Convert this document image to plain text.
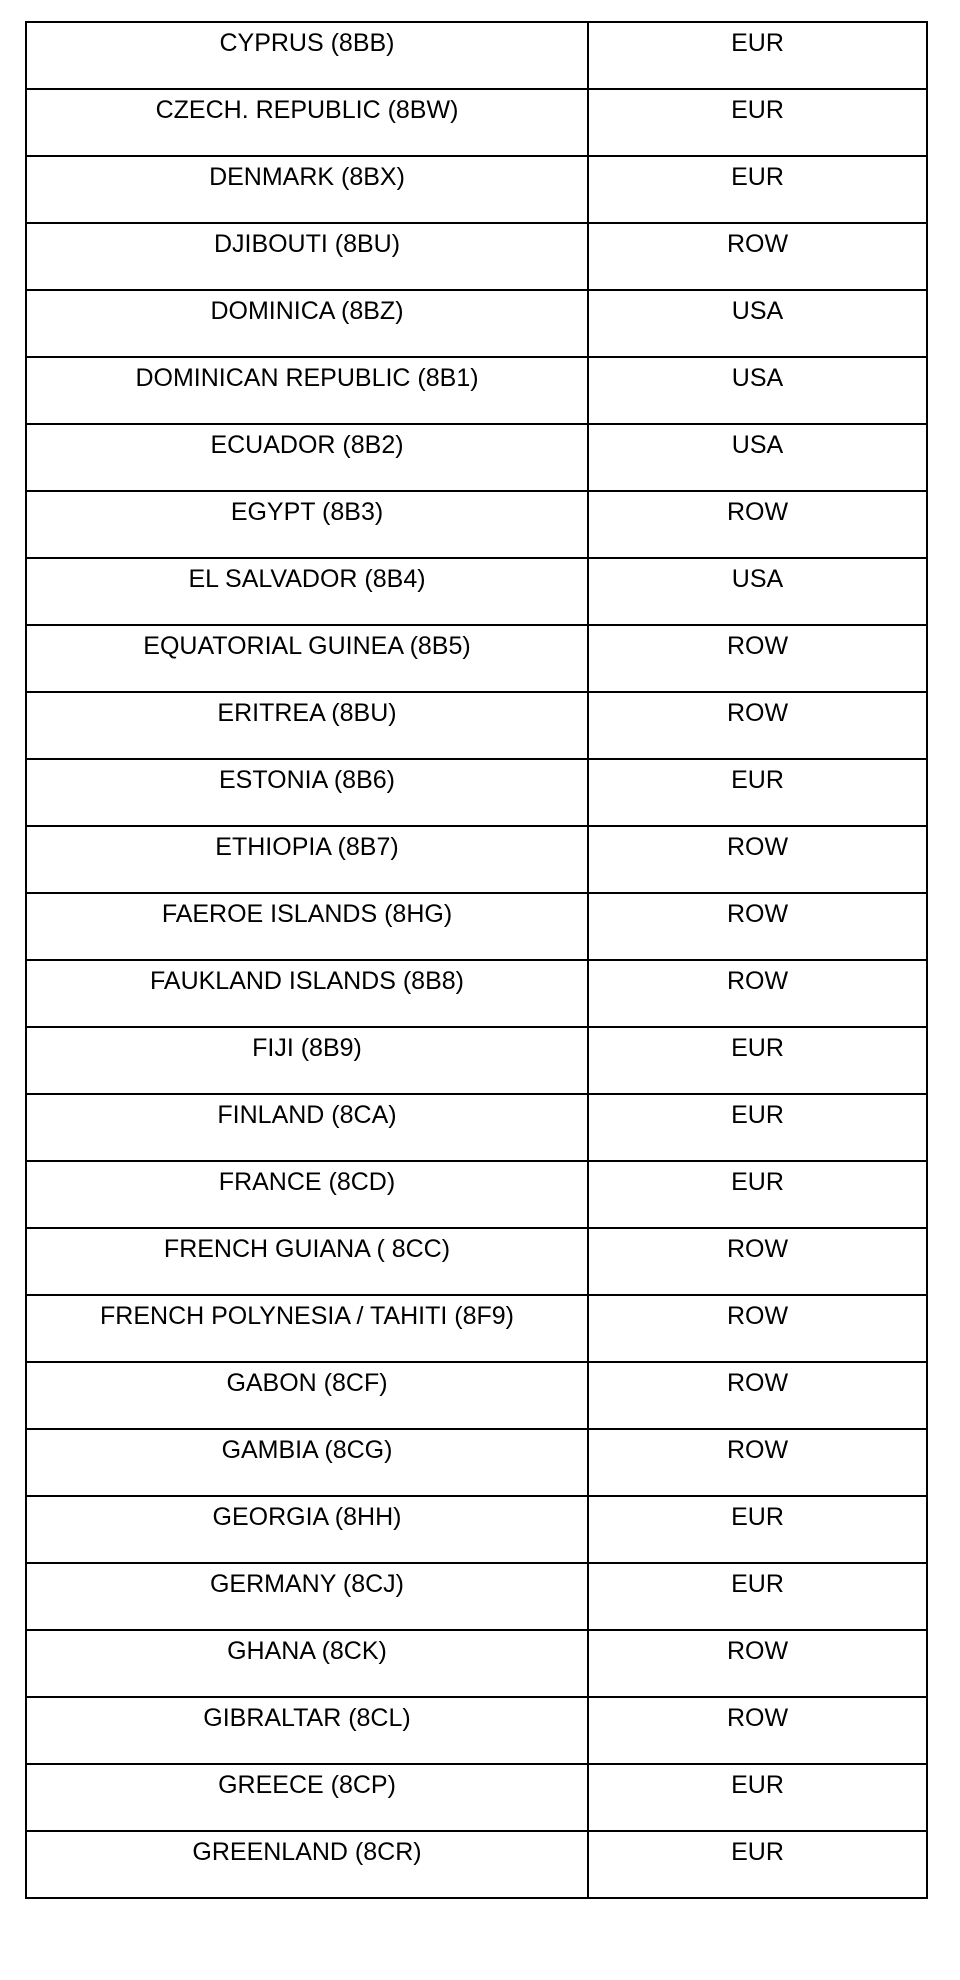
CYPRUS (8BB)	EUR

CZECH. REPUBLIC (8BW)	EUR

DENMARK (8BX)	EUR

DJIBOUTI (8BU)	ROW

DOMINICA (8BZ)	USA

DOMINICAN REPUBLIC (8B1)	USA

ECUADOR (8B2)	USA

EGYPT (8B3)	ROW

EL SALVADOR (8B4)	USA

EQUATORIAL GUINEA (8B5)	ROW

ERITREA (8BU)	ROW

ESTONIA (8B6)	EUR

ETHIOPIA (8B7)	ROW

FAEROE ISLANDS (8HG)	ROW

FAUKLAND ISLANDS (8B8)	ROW

FIJI (8B9)	EUR

FINLAND (8CA)	EUR

FRANCE (8CD)	EUR

FRENCH GUIANA ( 8CC)	ROW

FRENCH POLYNESIA / TAHITI (8F9)	ROW

GABON (8CF)	ROW

GAMBIA (8CG)	ROW

GEORGIA (8HH)	EUR

GERMANY (8CJ)	EUR

GHANA (8CK)	ROW

GIBRALTAR (8CL)	ROW

GREECE (8CP)	EUR

GREENLAND (8CR)	EUR
